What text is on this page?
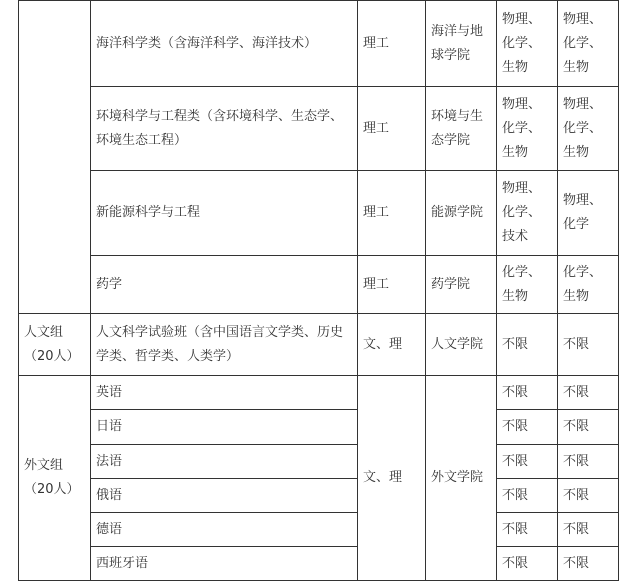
	海洋科学类（含海洋科学、海洋技术）	理工	海洋与地球学院	物理、化学、生物	物理、化学、生物
	环境科学与工程类（含环境科学、生态学、环境生态工程）	理工	环境与生态学院	物理、化学、生物	物理、化学、生物
	新能源科学与工程	理工	能源学院	物理、化学、技术	物理、化学
	药学	理工	药学院	化学、生物	化学、生物
人文组（20人）	人文科学试验班（含中国语言文学类、历史学类、哲学类、人类学）	文、理	人文学院	不限	不限
外文组（20人）	英语	文、理	外文学院	不限	不限
	日语			不限	不限
	法语			不限	不限
	俄语			不限	不限
	德语			不限	不限
	西班牙语			不限	不限
